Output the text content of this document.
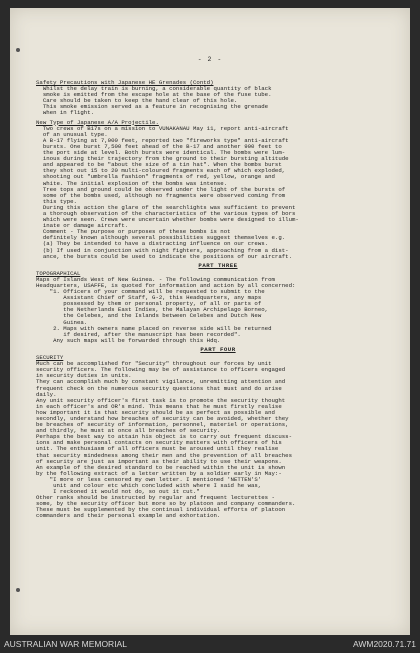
- 2 -
Safety Precautions with Japanese HE Grenades (Contd)
Whilst the delay train is burning, a considerable quantity of black
smoke is emitted from the escape hole at the base of the fuse tube.
Care should be taken to keep the hand clear of this hole.
This smoke emission served as a feature in recognising the grenade
when in flight.
New Type of Japanese A/A Projectile.
Two crews of B17s on a mission to VUNAKANAU May 11, report anti-aircraft
of an unusual type.
A B-17 flying at 7,000 feet, reported two "fireworks type" anti-aircraft
bursts. One burst 7,500 feet ahead of the B-17 and another 900 feet to
the port side at level. Both bursts were identical. The bombs were lum-
inous during their trajectory from the ground to their bursting altitude
and appeared to be "about the size of a tin hat". When the bombs burst
they shot out 15 to 20 multi-coloured fragments each of which exploded,
shooting out "umbrella fashion" fragments of red, yellow, orange and
white. The initial explosion of the bombs was intense.
Tree tops and ground could be observed under the light of the bursts of
some of the bombs used, although no fragments were observed coming from
this type.
During this action the glare of the searchlights was sufficient to prevent
a thorough observation of the characteristics of the various types of bors
which were seen. Crews were uncertain whether bombs were designed to illum-
inate or damage aircraft.
Comment - The purpose or purposes of these bombs is not
definitely known although several possibilities suggest themselves e.g.
(a) They be intended to have a distracting influence on our crews.
(b) If used in conjunction with night fighters, approaching from a dist-
ance, the bursts could be used to indicate the positions of our aircraft.
PART THREE
TOPOGRAPHICAL
Maps of Islands West of New Guinea. - The following communication from
Headquarters, USAFFE, is quoted for information and action by all concerned:
"1. Officers of your command will be requested to submit to the
Assistant Chief of Staff, G-2, this Headquarters, any maps
possessed by them or personal property, of all or parts of
the Netherlands East Indies, the Malayan Archipelago Borneo,
the Celebes, and the Islands between Celebes and Dutch New
Guinea.
2. Maps with owners name placed on reverse side will be returned
if desired, after the manuscript has been recorded".
Any such maps will be forwarded through this Hdq.
PART FOUR
SECURITY
Much can be accomplished for "Security" throughout our forces by unit
security officers. The following may be of assistance to officers engaged
in security duties in units.
They can accomplish much by constant vigilance, unremitting attention and
frequent check on the numerous security questions that must and do arise
daily.
Any unit security officer's first task is to promote the security thought
in each officer's and OR's mind. This means that he must firstly realise
how important it is that security should be as perfect as possible and
secondly, understand how breaches of security can be avoided, whether they
be breaches of security of information, personnel, materiel or operations,
and thirdly, he must at once all breaches of security.
Perhaps the best way to attain his object is to carry out frequent discuss-
ions and make personal contacts on security matters with officers of his
unit. The enthusiasm of all officers must be aroused until they realise
that security mindedness among their men and the prevention of all breaches
of security are just as important as their ability to use their weapons.
An example of the desired standard to be reached within the unit is shown
by the following extract of a letter written by a soldier early in May:-
"I more or less censored my own letter. I mentioned 'NETTEN'S'
unit and colour etc which concluded with where I said he was,
I reckoned it would not do, so out it cut."
Other ranks should be instructed by regular and frequent lecturettes -
some, by the security officer but more so by platoon and company commanders.
These must be supplemented by the continual individual efforts of platoon
commanders and their personal example and exhortation.
AUSTRALIAN WAR MEMORIAL	AWM2020.71.71
